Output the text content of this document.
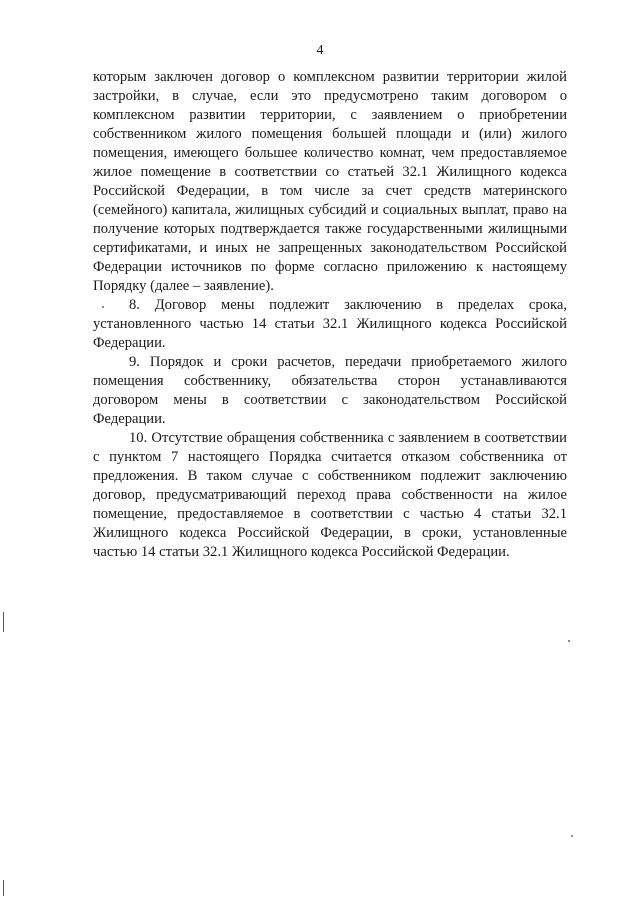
4

которым заключен договор о комплексном развитии территории жилой застройки, в случае, если это предусмотрено таким договором о комплексном развитии территории, с заявлением о приобретении собственником жилого помещения большей площади и (или) жилого помещения, имеющего большее количество комнат, чем предоставляемое жилое помещение в соответствии со статьей 32.1 Жилищного кодекса Российской Федерации, в том числе за счет средств материнского (семейного) капитала, жилищных субсидий и социальных выплат, право на получение которых подтверждается также государственными жилищными сертификатами, и иных не запрещенных законодательством Российской Федерации источников по форме согласно приложению к настоящему Порядку (далее – заявление).

8. Договор мены подлежит заключению в пределах срока, установленного частью 14 статьи 32.1 Жилищного кодекса Российской Федерации.

9. Порядок и сроки расчетов, передачи приобретаемого жилого помещения собственнику, обязательства сторон устанавливаются договором мены в соответствии с законодательством Российской Федерации.

10. Отсутствие обращения собственника с заявлением в соответствии с пунктом 7 настоящего Порядка считается отказом собственника от предложения. В таком случае с собственником подлежит заключению договор, предусматривающий переход права собственности на жилое помещение, предоставляемое в соответствии с частью 4 статьи 32.1 Жилищного кодекса Российской Федерации, в сроки, установленные частью 14 статьи 32.1 Жилищного кодекса Российской Федерации.
